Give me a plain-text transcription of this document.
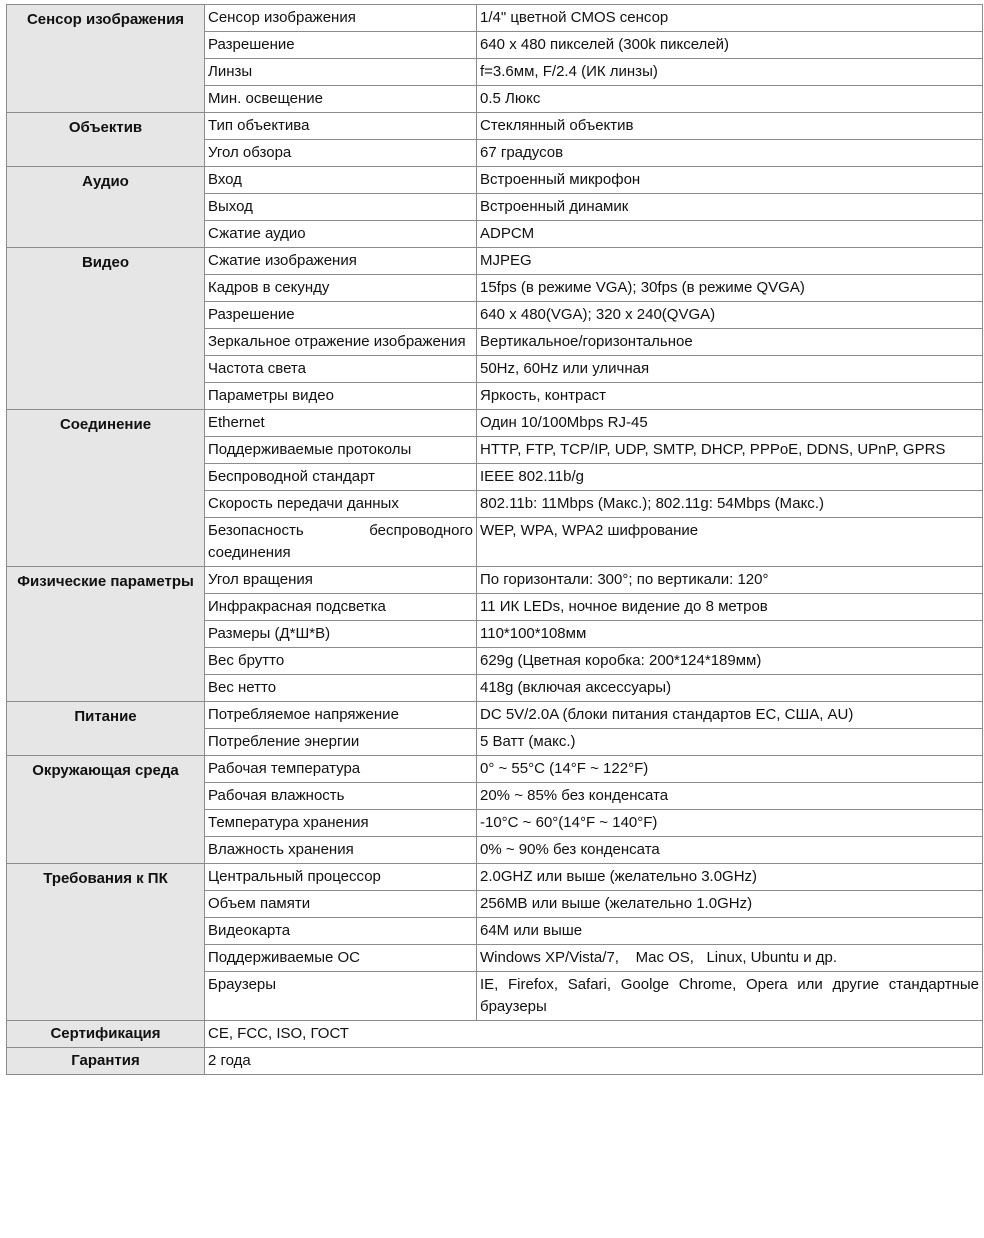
Сенсор изображения	Сенсор изображения	1/4" цветной CMOS сенсор
	Разрешение	640 x 480 пикселей (300k пикселей)
	Линзы	f=3.6мм, F/2.4 (ИК линзы)
	Мин. освещение	0.5 Люкс
Объектив	Тип объектива	Стеклянный объектив
	Угол обзора	67 градусов
Аудио	Вход	Встроенный микрофон
	Выход	Встроенный динамик
	Сжатие аудио	ADPCM
Видео	Сжатие изображения	MJPEG
	Кадров в секунду	15fps (в режиме VGA); 30fps (в режиме QVGA)
	Разрешение	640 x 480(VGA); 320 x 240(QVGA)
	Зеркальное отражение изображения	Вертикальное/горизонтальное
	Частота света	50Hz, 60Hz или уличная
	Параметры видео	Яркость, контраст
Соединение	Ethernet	Один 10/100Mbps RJ-45
	Поддерживаемые протоколы	HTTP, FTP, TCP/IP, UDP, SMTP, DHCP, PPPoE, DDNS, UPnP, GPRS
	Беспроводной стандарт	IEEE 802.11b/g
	Скорость передачи данных	802.11b: 11Mbps (Макс.); 802.11g: 54Mbps (Макс.)
	Безопасность беспроводного соединения	WEP, WPA, WPA2 шифрование
Физические параметры	Угол вращения	По горизонтали: 300°; по вертикали: 120°
	Инфракрасная подсветка	11 ИК LEDs, ночное видение до 8 метров
	Размеры (Д*Ш*В)	110*100*108мм
	Вес брутто	629g (Цветная коробка: 200*124*189мм)
	Вес нетто	418g (включая аксессуары)
Питание	Потребляемое напряжение	DC 5V/2.0A (блоки питания стандартов ЕС, США, AU)
	Потребление энергии	5 Ватт (макс.)
Окружающая среда	Рабочая температура	0° ~ 55°C (14°F ~ 122°F)
	Рабочая влажность	20% ~ 85% без конденсата
	Температура хранения	-10°C ~ 60°(14°F ~ 140°F)
	Влажность хранения	0% ~ 90% без конденсата
Требования к ПК	Центральный процессор	2.0GHZ или выше (желательно 3.0GHz)
	Объем памяти	256MB или выше (желательно 1.0GHz)
	Видеокарта	64M или выше
	Поддерживаемые ОС	Windows XP/Vista/7,    Mac OS,   Linux, Ubuntu и др.
	Браузеры	IE, Firefox, Safari, Goolge Chrome, Opera или другие стандартные браузеры
Сертификация	CE, FCC, ISO, ГОСТ	
Гарантия	2 года	
